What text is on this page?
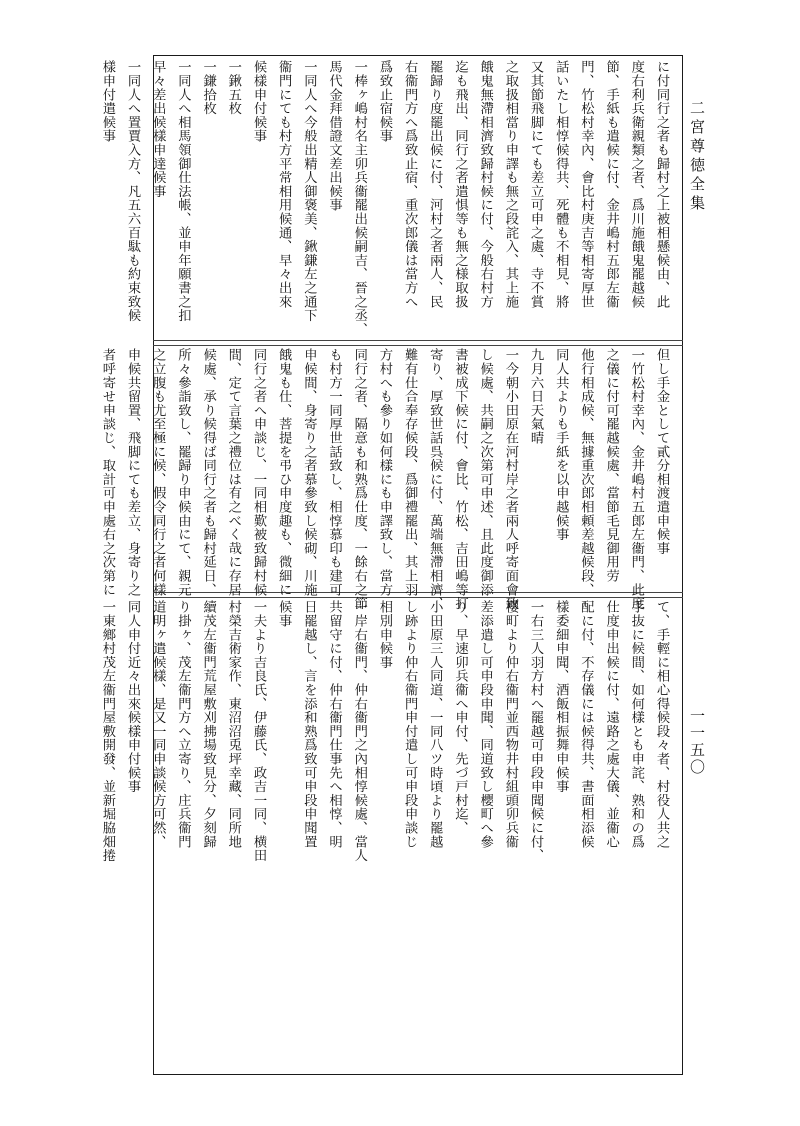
二宮尊徳全集
一一五〇
に付同行之者も歸村之上被相懸候由、此
度右利兵衛親類之者、爲川施餓鬼罷越候
節、手紙も遣候に付、金井嶋村五郎左衞
門、竹松村幸內、會比村庚吉等相寄厚世
話いたし相惇候得共、死體も不相見、將
又其節飛脚にても差立可申之處、寺不賞
之取扱相當り申譯も無之段詫入、其上施
餓鬼無滯相濟致歸村候に付、今般右村方
迄も飛出、同行之者遣惧等も無之様取扱
罷歸り度罷出候に付、河村之者兩人、民
右衞門方へ爲致止宿、重次郎儀は當方へ
爲致止宿候事
一棒ヶ嶋村名主卯兵衞罷出候嗣吉、晉之丞、
馬代金拜借證文差出候事
一同人へ今般出精人御褒美、鍬鎌左之通下
衞門にても村方平常相用候通、早々出來
候樣申付候事
一鍬五枚
一鎌拾枚
一同人へ相馬領御仕法帳、並申年願書之扣
早々差出候樣申達候事
一同人へ置賈入方、凡五六百駄も約束致候
樣申付遣候事
但し手金として貳分相渡遣申候事
一竹松村幸內、金井嶋村五郎左衞門、此度
之儀に付可罷越候處、當節毛見御用劳
他行相成候、無據重次郎相頼差越候段、
同人共よりも手紙を以申越候事
九月六日天氣晴
一今朝小田原在河村岸之者兩人呼寄面會致
し候處、共嗣之次第可申述、且此度御添
書被成下候に付、會比、竹松、吉田嶋等打
寄り、厚致世話呉候に付、萬端無滯相濟、
難有仕合奉存候段、爲御禮罷出、其上羽
方村へも參り如何樣にも申譯致し、當方
同行之者、隔意も和熟爲仕度、一餘右之節
も村方一同厚世話致し、相惇慕印も建可
申候間、身寄り之者慕參致し候砌、川施
餓鬼も仕、菩提を弔ひ申度趣も、微細に
同行之者へ申談じ、一同相歎被致歸村候
間、定て言葉之禮位は有之べく哉に存居
候處、承り候得ば同行之者も歸村延日、
所々參詣致し、罷歸り申候由にて、親元
之立腹も尤至極に候、假令同行之者何樣
申候共留置、飛脚にても差立、身寄り之
者呼寄せ申談じ、取計可申處右之次第に
て、手輕に相心得候段々者、村役人共之
手抜に候間、如何樣とも申詫、熟和の爲
仕度申出候に付、遠路之處大儀、並衞心
配に付、不存儀には候得共、書面相添候
樣委細申聞、酒飯相振舞申候事
一右三人羽方村へ罷越可申段申聞候に付、
櫻町より仲右衞門並西物井村組頭卯兵衞
差添遣し可申段申聞、同道致し櫻町へ參
り、早速卯兵衞へ申付、先づ戸村迄、
小田原三人同道、一同八ツ時頃より罷越
し跡より仲右衞門申付遣し可申段申談じ
相別申候事
一岸右衞門、仲右衞門之內相惇候處、當人
共留守に付、仲右衞門仕事先へ相惇、明
日罷越し、言を添和熟爲致可申段申聞置
候事
一夫より吉良氏、伊藤氏、政吉一同、横田
村榮吉術家作、東沼沼兎坪幸藏、同所地
續茂左衞門荒屋敷刈拂場致見分、夕刻歸
り掛ヶ、茂左衞門方へ立寄り、庄兵衞門
道明ヶ遣候樣、是又一同申談候方可然、
同人申付近々出來候樣申付候事
一東鄉村茂左衞門屋敷開發、並新堀脇畑捲
